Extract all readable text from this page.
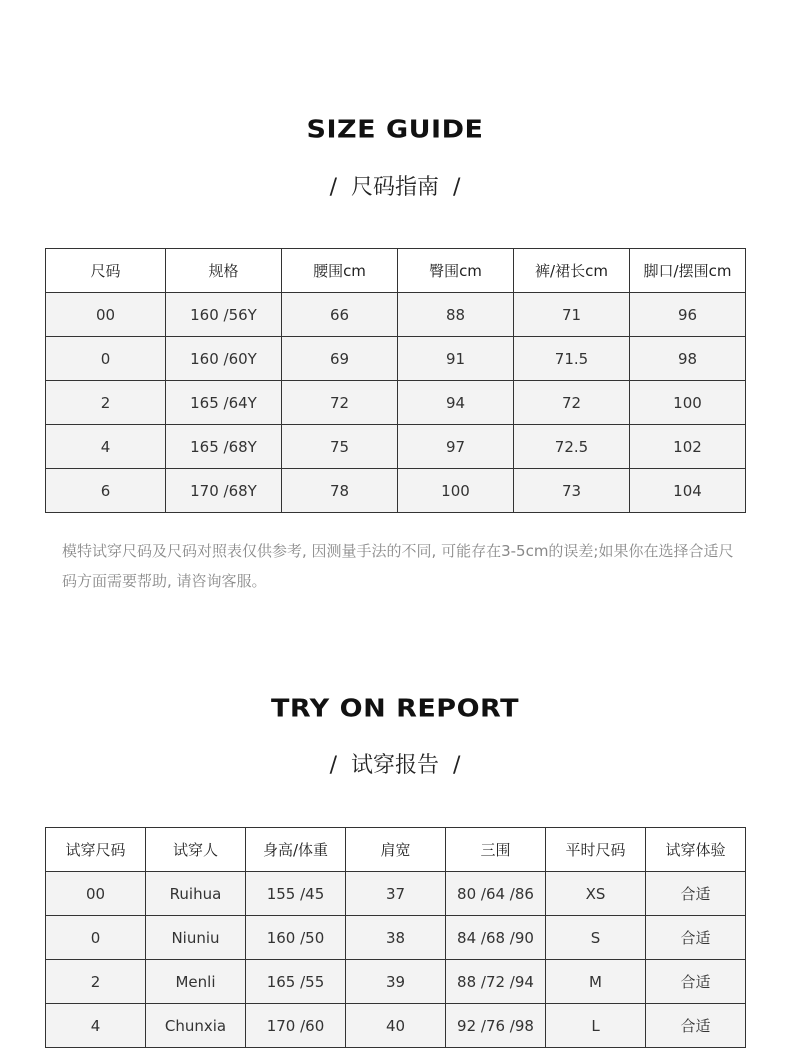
SIZE GUIDE
/  尺码指南  /
尺码	规格	腰围cm	臀围cm	裤/裙长cm	脚口/摆围cm
00	160 /56Y	66	88	71	96
0	160 /60Y	69	91	71.5	98
2	165 /64Y	72	94	72	100
4	165 /68Y	75	97	72.5	102
6	170 /68Y	78	100	73	104
模特试穿尺码及尺码对照表仅供参考, 因测量手法的不同, 可能存在3-5cm的误差;如果你在选择合适尺码方面需要帮助, 请咨询客服。
TRY ON REPORT
/  试穿报告  /
试穿尺码	试穿人	身高/体重	肩宽	三围	平时尺码	试穿体验
00	Ruihua	155 /45	37	80 /64 /86	XS	合适
0	Niuniu	160 /50	38	84 /68 /90	S	合适
2	Menli	165 /55	39	88 /72 /94	M	合适
4	Chunxia	170 /60	40	92 /76 /98	L	合适
